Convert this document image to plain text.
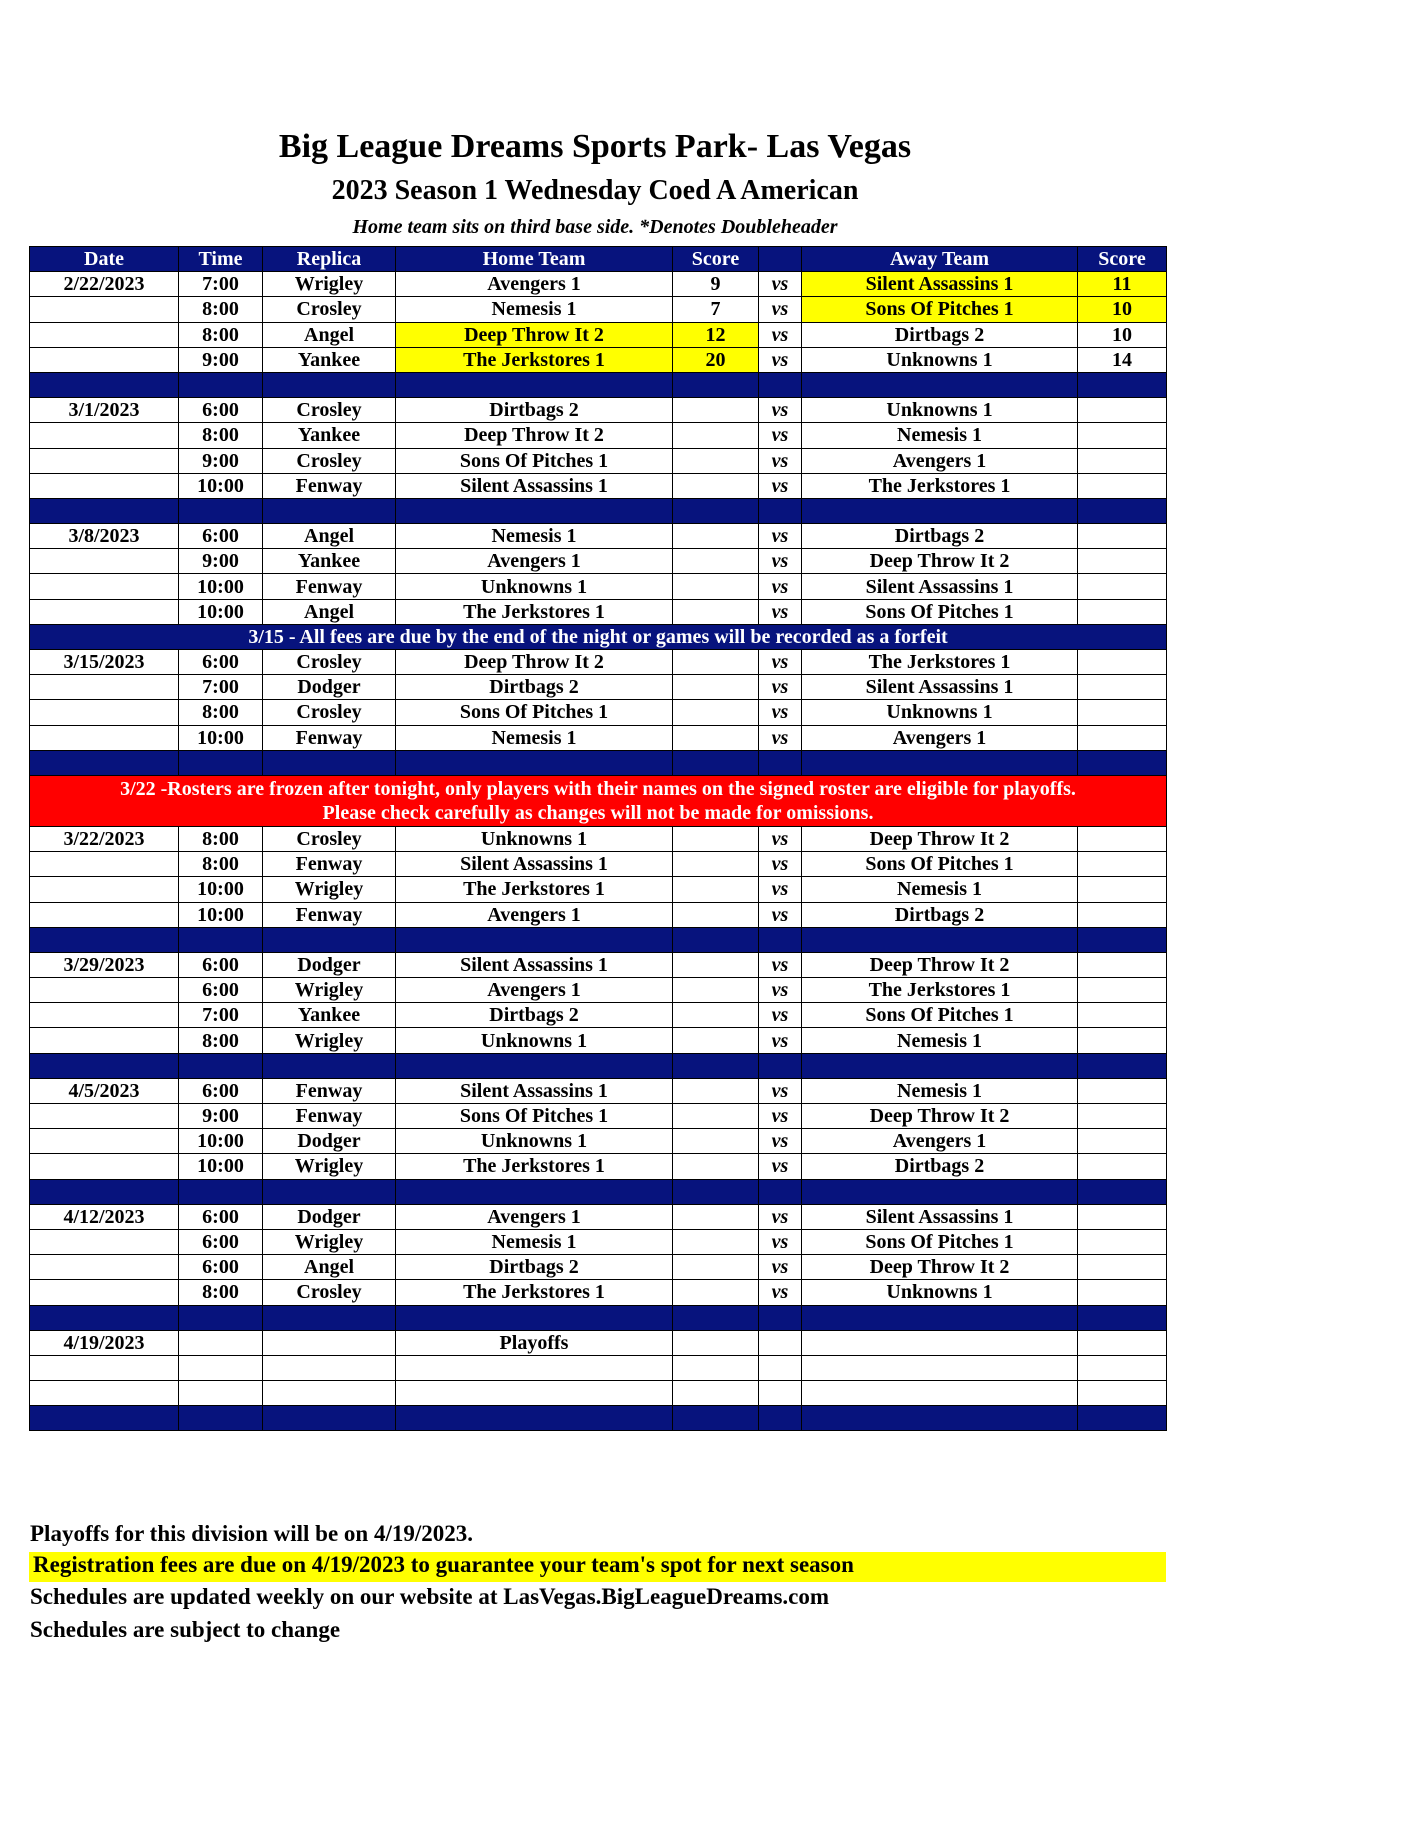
Big League Dreams Sports Park- Las Vegas
2023 Season 1 Wednesday Coed A American
Home team sits on third base side. *Denotes Doubleheader
Date	Time	Replica	Home Team	Score		Away Team	Score
2/22/2023	7:00	Wrigley	Avengers 1	9	vs	Silent Assassins 1	11
	8:00	Crosley	Nemesis 1	7	vs	Sons Of Pitches 1	10
	8:00	Angel	Deep Throw It 2	12	vs	Dirtbags 2	10
	9:00	Yankee	The Jerkstores 1	20	vs	Unknowns 1	14

3/1/2023	6:00	Crosley	Dirtbags 2		vs	Unknowns 1	
	8:00	Yankee	Deep Throw It 2		vs	Nemesis 1	
	9:00	Crosley	Sons Of Pitches 1		vs	Avengers 1	
	10:00	Fenway	Silent Assassins 1		vs	The Jerkstores 1	

3/8/2023	6:00	Angel	Nemesis 1		vs	Dirtbags 2	
	9:00	Yankee	Avengers 1		vs	Deep Throw It 2	
	10:00	Fenway	Unknowns 1		vs	Silent Assassins 1	
	10:00	Angel	The Jerkstores 1		vs	Sons Of Pitches 1	
3/15 - All fees are due by the end of the night or games will be recorded as a forfeit							
3/15/2023	6:00	Crosley	Deep Throw It 2		vs	The Jerkstores 1	
	7:00	Dodger	Dirtbags 2		vs	Silent Assassins 1	
	8:00	Crosley	Sons Of Pitches 1		vs	Unknowns 1	
	10:00	Fenway	Nemesis 1		vs	Avengers 1	

3/22 -Rosters are frozen after tonight, only players with their names on the signed roster are eligible for playoffs.
Please check carefully as changes will not be made for omissions.							

3/22/2023	8:00	Crosley	Unknowns 1		vs	Deep Throw It 2	
	8:00	Fenway	Silent Assassins 1		vs	Sons Of Pitches 1	
	10:00	Wrigley	The Jerkstores 1		vs	Nemesis 1	
	10:00	Fenway	Avengers 1		vs	Dirtbags 2	

3/29/2023	6:00	Dodger	Silent Assassins 1		vs	Deep Throw It 2	
	6:00	Wrigley	Avengers 1		vs	The Jerkstores 1	
	7:00	Yankee	Dirtbags 2		vs	Sons Of Pitches 1	
	8:00	Wrigley	Unknowns 1		vs	Nemesis 1	

4/5/2023	6:00	Fenway	Silent Assassins 1		vs	Nemesis 1	
	9:00	Fenway	Sons Of Pitches 1		vs	Deep Throw It 2	
	10:00	Dodger	Unknowns 1		vs	Avengers 1	
	10:00	Wrigley	The Jerkstores 1		vs	Dirtbags 2	

4/12/2023	6:00	Dodger	Avengers 1		vs	Silent Assassins 1	
	6:00	Wrigley	Nemesis 1		vs	Sons Of Pitches 1	
	6:00	Angel	Dirtbags 2		vs	Deep Throw It 2	
	8:00	Crosley	The Jerkstores 1		vs	Unknowns 1	

4/19/2023			Playoffs				

Playoffs for this division will be on 4/19/2023.
Registration fees are due on 4/19/2023 to guarantee your team's spot for next season
Schedules are updated weekly on our website at LasVegas.BigLeagueDreams.com
Schedules are subject to change
